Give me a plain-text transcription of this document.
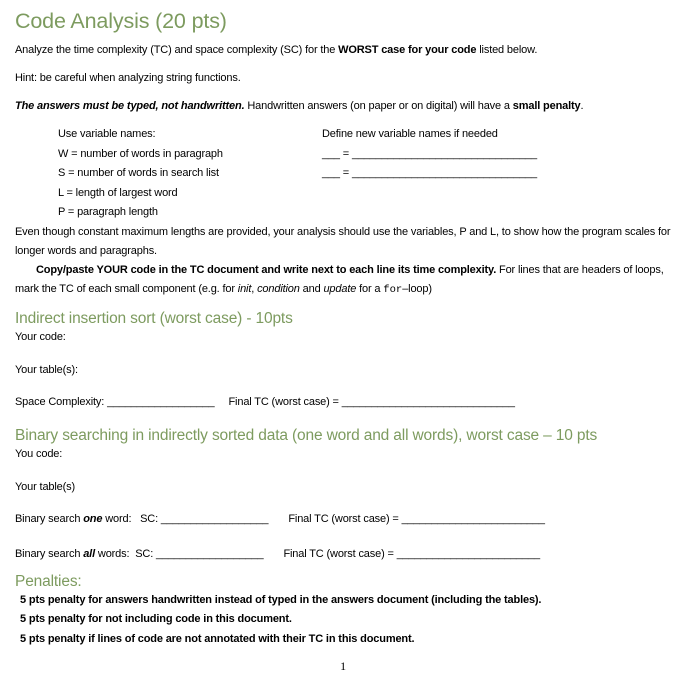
Code Analysis (20 pts)

Analyze the time complexity (TC) and space complexity (SC) for the WORST case for your code listed below.

Hint: be careful when analyzing string functions.

The answers must be typed, not handwritten. Handwritten answers (on paper or on digital) will have a small penalty.

Use variable names:	Define new variable names if needed
W = number of words in paragraph	___ = _______________________________
S = number of words in search list	___ = _______________________________
L = length of largest word
P = paragraph length

Even though constant maximum lengths are provided, your analysis should use the variables, P and L, to show how the program scales for longer words and paragraphs.

Copy/paste YOUR code in the TC document and write next to each line its time complexity. For lines that are headers of loops, mark the TC of each small component (e.g. for init, condition and update for a for–loop)

Indirect insertion sort (worst case) - 10pts

Your code:

Your table(s):

Space Complexity: __________________ Final TC (worst case) = _____________________________

Binary searching in indirectly sorted data (one word and all words), worst case – 10 pts

You code:

Your table(s)

Binary search one word:   SC: __________________ Final TC (worst case) = ________________________

Binary search all words:  SC: __________________ Final TC (worst case) = ________________________

Penalties:
5 pts penalty for answers handwritten instead of typed in the answers document (including the tables).
5 pts penalty for not including code in this document.
5 pts penalty if lines of code are not annotated with their TC in this document.
1
